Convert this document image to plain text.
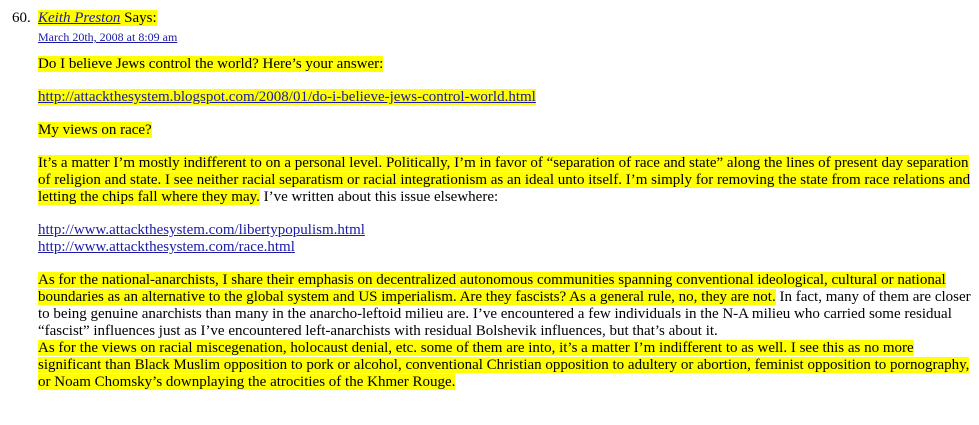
60. Keith Preston Says:
March 20th, 2008 at 8:09 am

Do I believe Jews control the world? Here’s your answer:

http://attackthesystem.blogspot.com/2008/01/do-i-believe-jews-control-world.html

My views on race?

It’s a matter I’m mostly indifferent to on a personal level. Politically, I’m in favor of “separation of race and state” along the lines of present day separation of religion and state. I see neither racial separatism or racial integrationism as an ideal unto itself. I’m simply for removing the state from race relations and letting the chips fall where they may. I’ve written about this issue elsewhere:

http://www.attackthesystem.com/libertypopulism.html
http://www.attackthesystem.com/race.html

As for the national-anarchists, I share their emphasis on decentralized autonomous communities spanning conventional ideological, cultural or national boundaries as an alternative to the global system and US imperialism. Are they fascists? As a general rule, no, they are not. In fact, many of them are closer to being genuine anarchists than many in the anarcho-leftoid milieu are. I’ve encountered a few individuals in the N-A milieu who carried some residual “fascist” influences just as I’ve encountered left-anarchists with residual Bolshevik influences, but that’s about it.

As for the views on racial miscegenation, holocaust denial, etc. some of them are into, it’s a matter I’m indifferent to as well. I see this as no more significant than Black Muslim opposition to pork or alcohol, conventional Christian opposition to adultery or abortion, feminist opposition to pornography, or Noam Chomsky’s downplaying the atrocities of the Khmer Rouge.
